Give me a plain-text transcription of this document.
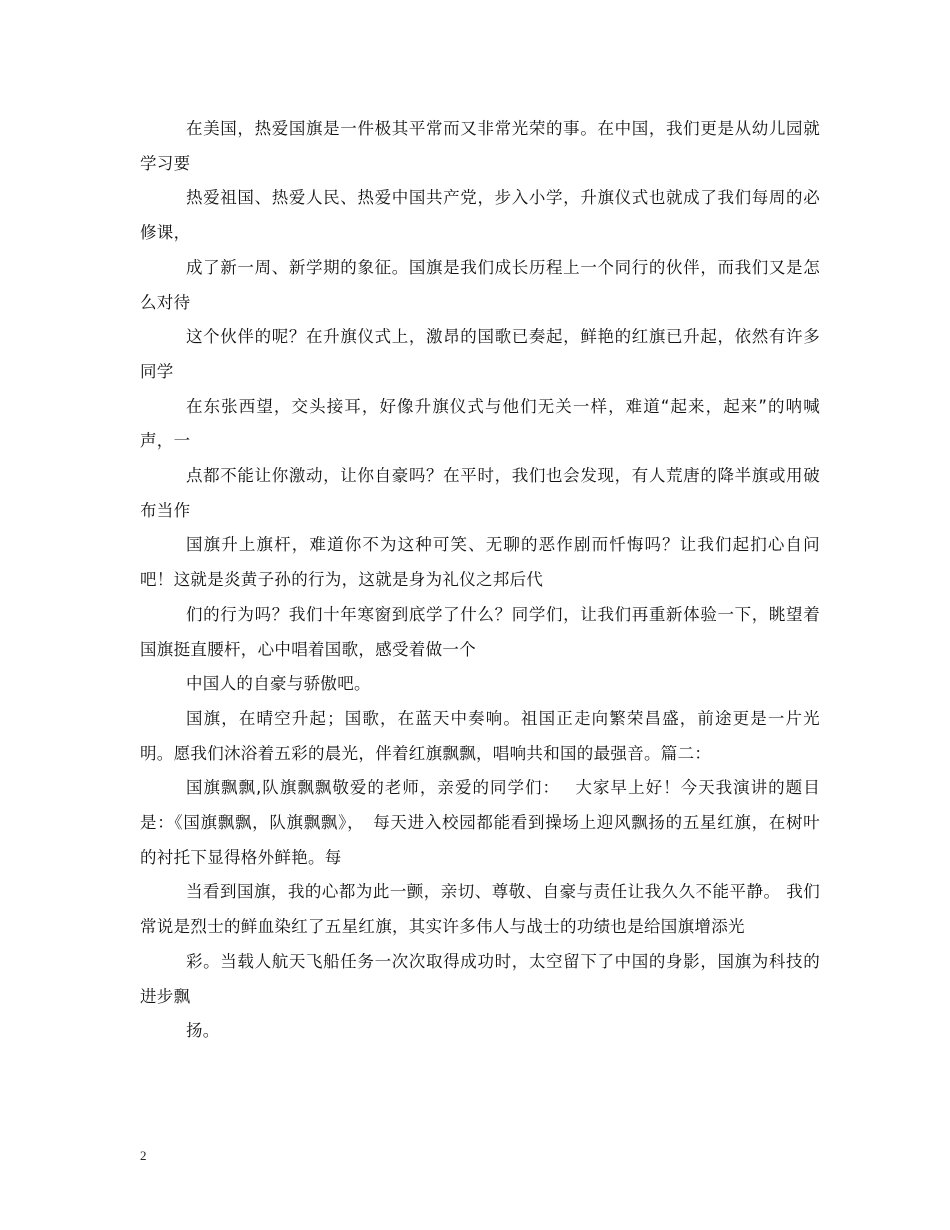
在美国，热爱国旗是一件极其平常而又非常光荣的事。在中国，我们更是从幼儿园就学习要

热爱祖国、热爱人民、热爱中国共产党，步入小学，升旗仪式也就成了我们每周的必修课，

成了新一周、新学期的象征。国旗是我们成长历程上一个同行的伙伴，而我们又是怎么对待

这个伙伴的呢？在升旗仪式上，激昂的国歌已奏起，鲜艳的红旗已升起，依然有许多同学

在东张西望，交头接耳，好像升旗仪式与他们无关一样，难道“起来，起来”的呐喊声，一

点都不能让你激动，让你自豪吗？在平时，我们也会发现，有人荒唐的降半旗或用破布当作

国旗升上旗杆，难道你不为这种可笑、无聊的恶作剧而忏悔吗？让我们起扪心自问吧！这就是炎黄子孙的行为，这就是身为礼仪之邦后代

们的行为吗？我们十年寒窗到底学了什么？同学们，让我们再重新体验一下，眺望着国旗挺直腰杆，心中唱着国歌，感受着做一个

中国人的自豪与骄傲吧。

国旗，在晴空升起；国歌，在蓝天中奏响。祖国正走向繁荣昌盛，前途更是一片光明。愿我们沐浴着五彩的晨光，伴着红旗飘飘，唱响共和国的最强音。篇二：

国旗飘飘,队旗飘飘敬爱的老师，亲爱的同学们：　 大家早上好！今天我演讲的题目是：《国旗飘飘，队旗飘飘》，　每天进入校园都能看到操场上迎风飘扬的五星红旗，在树叶的衬托下显得格外鲜艳。每

当看到国旗，我的心都为此一颤，亲切、尊敬、自豪与责任让我久久不能平静。 我们常说是烈士的鲜血染红了五星红旗，其实许多伟人与战士的功绩也是给国旗增添光

彩。当载人航天飞船任务一次次取得成功时，太空留下了中国的身影，国旗为科技的进步飘

扬。

2
